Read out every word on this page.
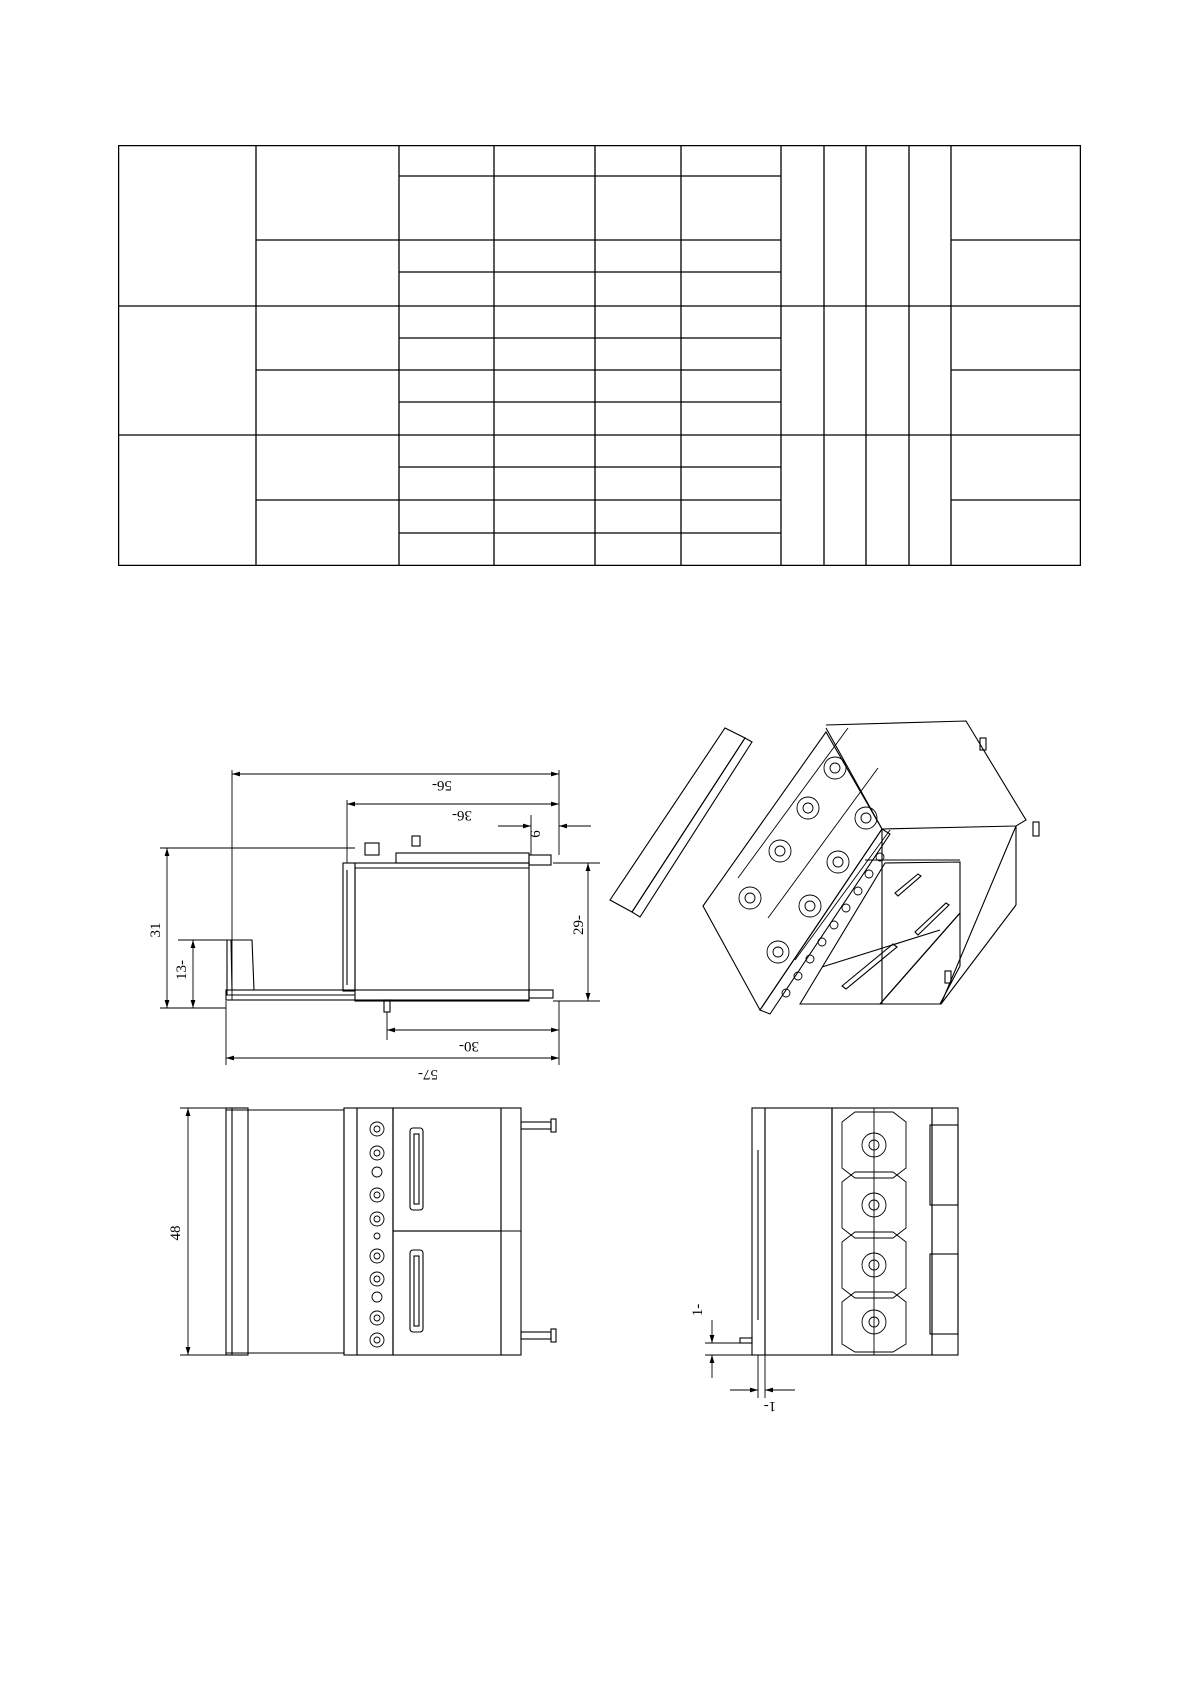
56-
36-
6
31
13-
29-
30-
57-
48
1-
1-
